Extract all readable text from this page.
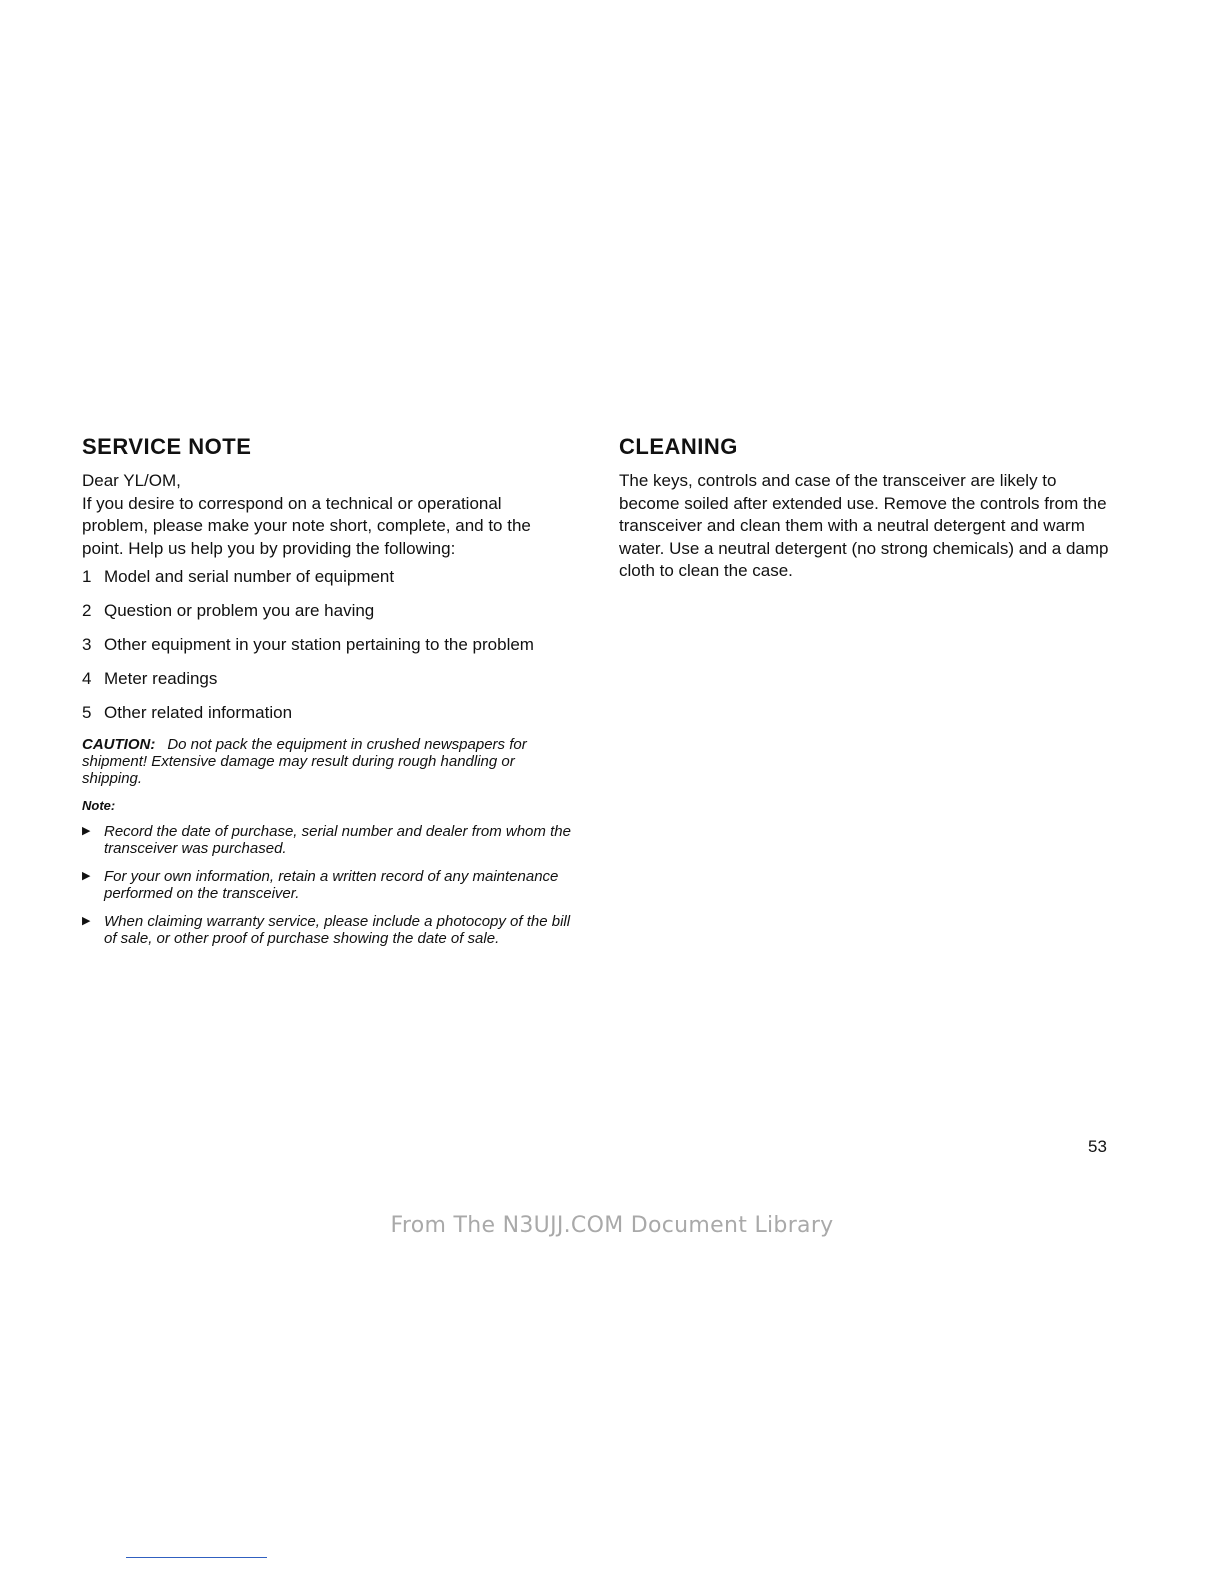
SERVICE NOTE

Dear YL/OM,

If you desire to correspond on a technical or operational problem, please make your note short, complete, and to the point. Help us help you by providing the following:

1 Model and serial number of equipment
2 Question or problem you are having
3 Other equipment in your station pertaining to the problem
4 Meter readings
5 Other related information

CAUTION: Do not pack the equipment in crushed newspapers for shipment! Extensive damage may result during rough handling or shipping.

Note:

▶ Record the date of purchase, serial number and dealer from whom the transceiver was purchased.
▶ For your own information, retain a written record of any maintenance performed on the transceiver.
▶ When claiming warranty service, please include a photocopy of the bill of sale, or other proof of purchase showing the date of sale.
CLEANING

The keys, controls and case of the transceiver are likely to become soiled after extended use. Remove the controls from the transceiver and clean them with a neutral detergent and warm water. Use a neutral detergent (no strong chemicals) and a damp cloth to clean the case.

53
From The N3UJJ.COM Document Library
